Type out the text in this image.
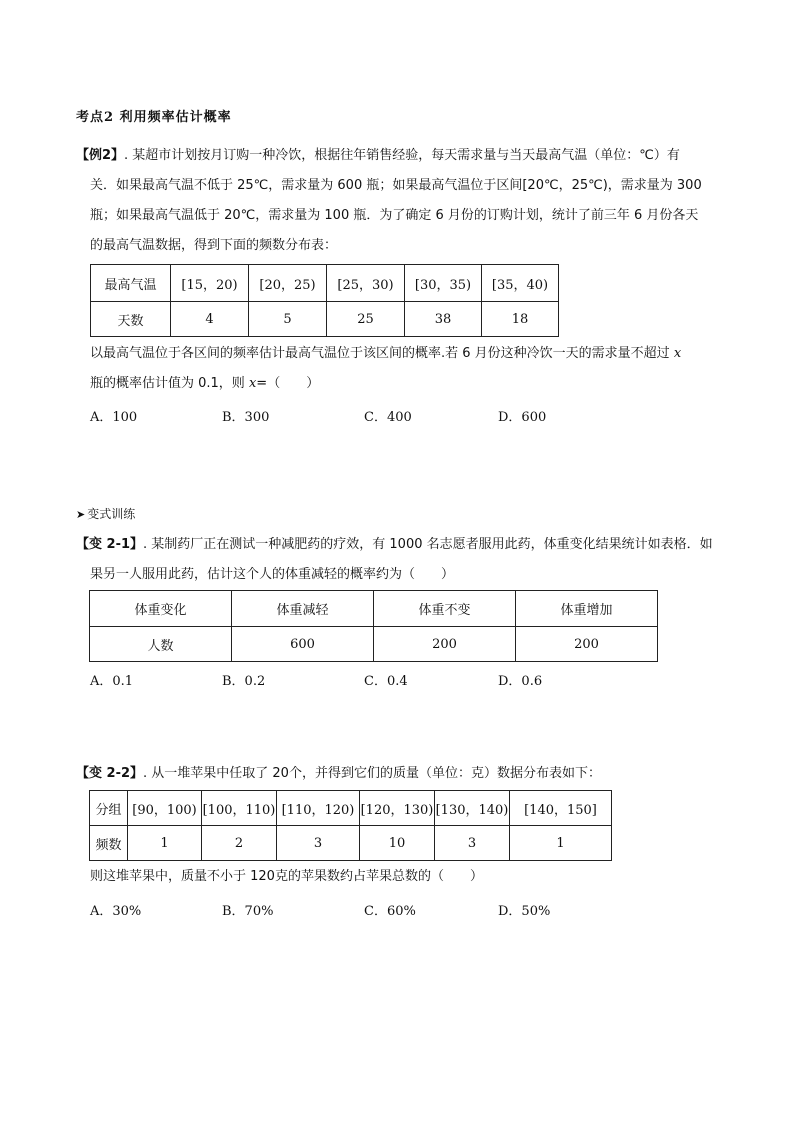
考点2 利用频率估计概率
【例2】. 某超市计划按月订购一种冷饮，根据往年销售经验，每天需求量与当天最高气温（单位：℃）有
关．如果最高气温不低于 25℃，需求量为 600 瓶；如果最高气温位于区间[20℃，25℃)，需求量为 300
瓶；如果最高气温低于 20℃，需求量为 100 瓶．为了确定 6 月份的订购计划，统计了前三年 6 月份各天
的最高气温数据，得到下面的频数分布表：
最高气温	[15，20)	[20，25)	[25，30)	[30，35)	[35，40)
天数	4	5	25	38	18
以最高气温位于各区间的频率估计最高气温位于该区间的概率.若 6 月份这种冷饮一天的需求量不超过 x
瓶的概率估计值为 0.1，则 x=（　　）
A．100	B．300	C．400	D．600
➤ 变式训练
【变 2-1】. 某制药厂正在测试一种减肥药的疗效，有 1000 名志愿者服用此药，体重变化结果统计如表格．如
果另一人服用此药，估计这个人的体重减轻的概率约为（　　）
体重变化	体重减轻	体重不变	体重增加
人数	600	200	200
A．0.1	B．0.2	C．0.4	D．0.6
【变 2-2】. 从一堆苹果中任取了 20个，并得到它们的质量（单位：克）数据分布表如下：
分组	[90，100)	[100，110)	[110，120)	[120，130)	[130，140)	[140，150]
频数	1	2	3	10	3	1
则这堆苹果中，质量不小于 120克的苹果数约占苹果总数的（　　）
A．30%	B．70%	C．60%	D．50%
